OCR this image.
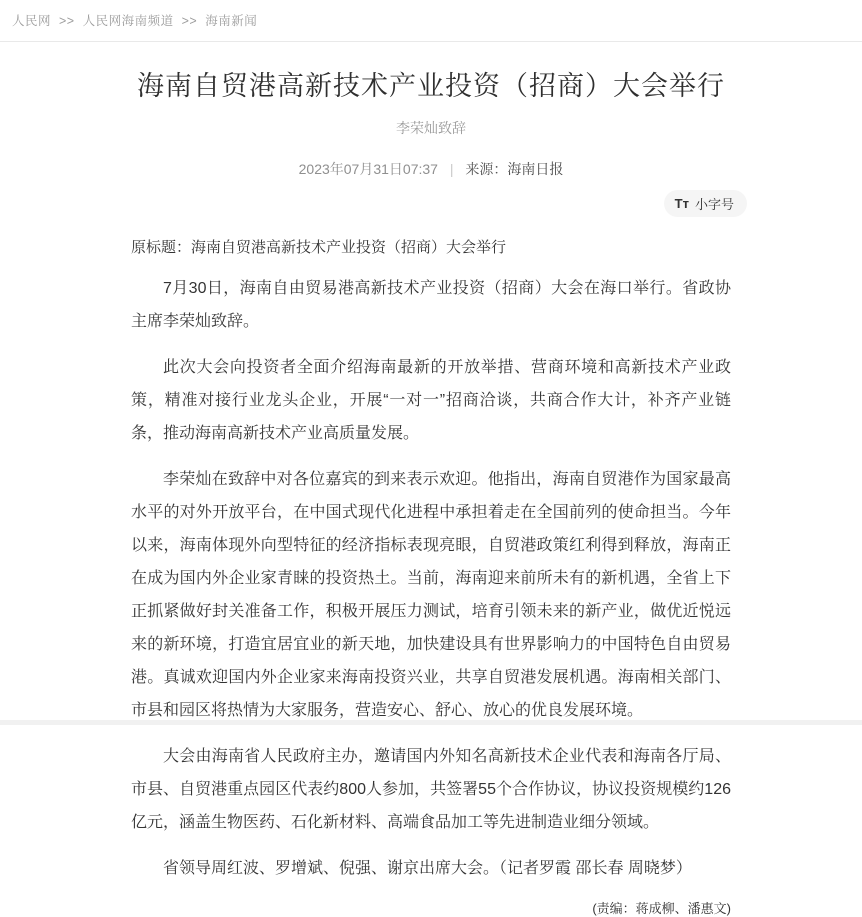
人民网 >> 人民网海南频道 >> 海南新闻
海南自贸港高新技术产业投资（招商）大会举行
李荣灿致辞
2023年07月31日07:37 | 来源：海南日报
Tᴛ 小字号

原标题：海南自贸港高新技术产业投资（招商）大会举行

7月30日，海南自由贸易港高新技术产业投资（招商）大会在海口举行。省政协主席李荣灿致辞。

此次大会向投资者全面介绍海南最新的开放举措、营商环境和高新技术产业政策，精准对接行业龙头企业，开展“一对一”招商洽谈，共商合作大计，补齐产业链条，推动海南高新技术产业高质量发展。

李荣灿在致辞中对各位嘉宾的到来表示欢迎。他指出，海南自贸港作为国家最高水平的对外开放平台，在中国式现代化进程中承担着走在全国前列的使命担当。今年以来，海南体现外向型特征的经济指标表现亮眼，自贸港政策红利得到释放，海南正在成为国内外企业家青睐的投资热土。当前，海南迎来前所未有的新机遇，全省上下正抓紧做好封关准备工作，积极开展压力测试，培育引领未来的新产业，做优近悦远来的新环境，打造宜居宜业的新天地，加快建设具有世界影响力的中国特色自由贸易港。真诚欢迎国内外企业家来海南投资兴业，共享自贸港发展机遇。海南相关部门、市县和园区将热情为大家服务，营造安心、舒心、放心的优良发展环境。

大会由海南省人民政府主办，邀请国内外知名高新技术企业代表和海南各厅局、市县、自贸港重点园区代表约800人参加，共签署55个合作协议，协议投资规模约126亿元，涵盖生物医药、石化新材料、高端食品加工等先进制造业细分领域。

省领导周红波、罗增斌、倪强、谢京出席大会。（记者罗霞 邵长春 周晓梦）

(责编：蒋成柳、潘惠文)
